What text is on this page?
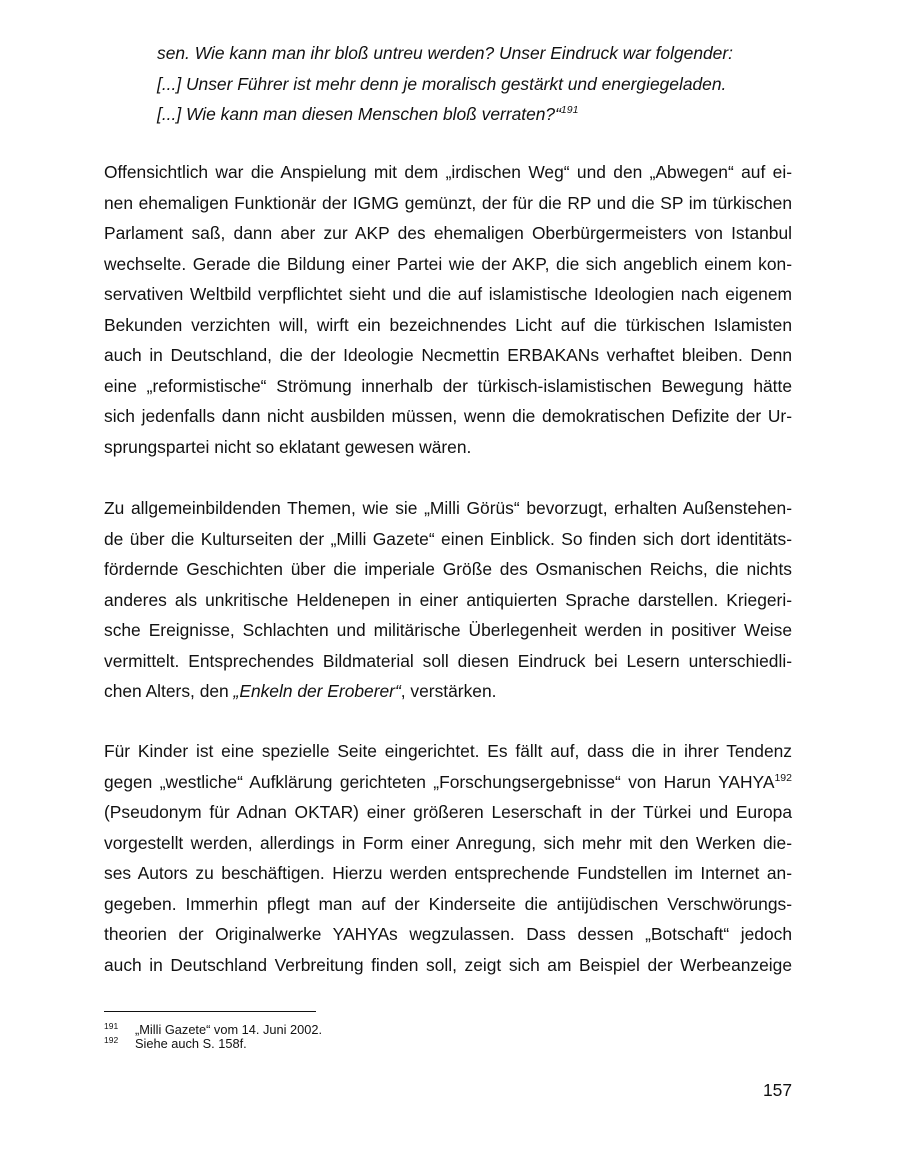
sen. Wie kann man ihr bloß untreu werden? Unser Eindruck war folgender:
[...] Unser Führer ist mehr denn je moralisch gestärkt und energiegeladen.
[...] Wie kann man diesen Menschen bloß verraten?“$^{191}$
Offensichtlich war die Anspielung mit dem „irdischen Weg“ und den „Abwegen“ auf ei-
nen ehemaligen Funktionär der IGMG gemünzt, der für die RP und die SP im türkischen
Parlament saß, dann aber zur AKP des ehemaligen Oberbürgermeisters von Istanbul
wechselte. Gerade die Bildung einer Partei wie der AKP, die sich angeblich einem kon-
servativen Weltbild verpflichtet sieht und die auf islamistische Ideologien nach eigenem
Bekunden verzichten will, wirft ein bezeichnendes Licht auf die türkischen Islamisten
auch in Deutschland, die der Ideologie Necmettin ERBAKANs verhaftet bleiben. Denn
eine „reformistische“ Strömung innerhalb der türkisch-islamistischen Bewegung hätte
sich jedenfalls dann nicht ausbilden müssen, wenn die demokratischen Defizite der Ur-
sprungspartei nicht so eklatant gewesen wären.
Zu allgemeinbildenden Themen, wie sie „Milli Görüs“ bevorzugt, erhalten Außenstehen-
de über die Kulturseiten der „Milli Gazete“ einen Einblick. So finden sich dort identitäts-
fördernde Geschichten über die imperiale Größe des Osmanischen Reichs, die nichts
anderes als unkritische Heldenepen in einer antiquierten Sprache darstellen. Kriegeri-
sche Ereignisse, Schlachten und militärische Überlegenheit werden in positiver Weise
vermittelt. Entsprechendes Bildmaterial soll diesen Eindruck bei Lesern unterschiedli-
chen Alters, den „Enkeln der Eroberer“, verstärken.
Für Kinder ist eine spezielle Seite eingerichtet. Es fällt auf, dass die in ihrer Tendenz
gegen „westliche“ Aufklärung gerichteten „Forschungsergebnisse“ von Harun YAHYA$^{192}$
(Pseudonym für Adnan OKTAR) einer größeren Leserschaft in der Türkei und Europa
vorgestellt werden, allerdings in Form einer Anregung, sich mehr mit den Werken die-
ses Autors zu beschäftigen. Hierzu werden entsprechende Fundstellen im Internet an-
gegeben. Immerhin pflegt man auf der Kinderseite die antijüdischen Verschwörungs-
theorien der Originalwerke YAHYAs wegzulassen. Dass dessen „Botschaft“ jedoch
auch in Deutschland Verbreitung finden soll, zeigt sich am Beispiel der Werbeanzeige
191 „Milli Gazete“ vom 14. Juni 2002.
192 Siehe auch S. 158f.
157
